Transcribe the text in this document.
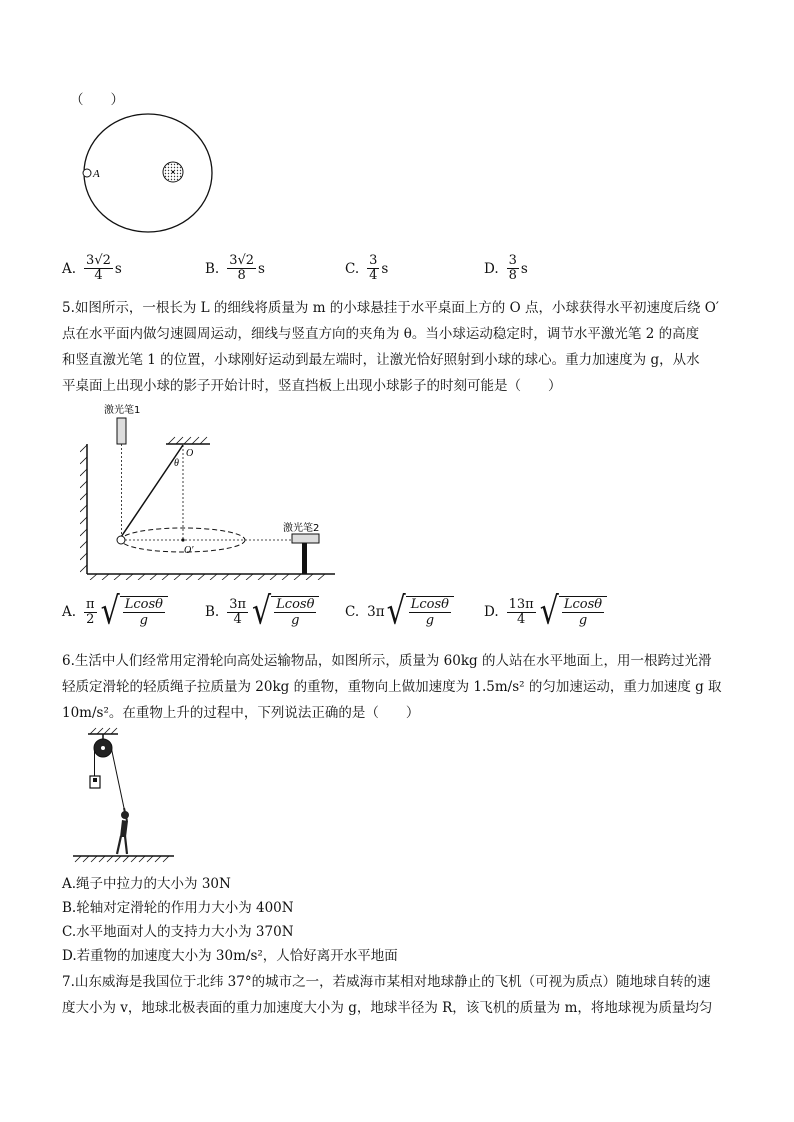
（　　）
A
A. $\frac{3√2}{4}$ s	B. $\frac{3√2}{8}$ s	C. $\frac{3}{4}$ s	D. $\frac{3}{8}$ s
5.如图所示，一根长为 L 的细线将质量为 m 的小球悬挂于水平桌面上方的 O 点，小球获得水平初速度后绕 O′
点在水平面内做匀速圆周运动，细线与竖直方向的夹角为 θ。当小球运动稳定时，调节水平激光笔 2 的高度
和竖直激光笔 1 的位置，小球刚好运动到最左端时，让激光恰好照射到小球的球心。重力加速度为 g，从水
平桌面上出现小球的影子开始计时，竖直挡板上出现小球影子的时刻可能是（　　）
激光笔1
O
θ
O′
激光笔2
A. $\frac{\pi}{2}$ √ $\frac{Lcos\theta}{g}$	B. $\frac{3\pi}{4}$ √ $\frac{Lcos\theta}{g} C$. 3π √ $\frac{Lcos\theta}{g} D$. $\frac{13\pi}{4}$ √ $\frac{Lcos\theta}{g}$
6.生活中人们经常用定滑轮向高处运输物品，如图所示，质量为 60kg 的人站在水平地面上，用一根跨过光滑
轻质定滑轮的轻质绳子拉质量为 20kg 的重物，重物向上做加速度为 1.5m/s² 的匀加速运动，重力加速度 g 取
10m/s²。在重物上升的过程中，下列说法正确的是（　　）
A.绳子中拉力的大小为 30N
B.轮轴对定滑轮的作用力大小为 400N
C.水平地面对人的支持力大小为 370N
D.若重物的加速度大小为 30m/s²，人恰好离开水平地面
7.山东威海是我国位于北纬 37°的城市之一，若威海市某相对地球静止的飞机（可视为质点）随地球自转的速
度大小为 v，地球北极表面的重力加速度大小为 g，地球半径为 R，该飞机的质量为 m，将地球视为质量均匀
